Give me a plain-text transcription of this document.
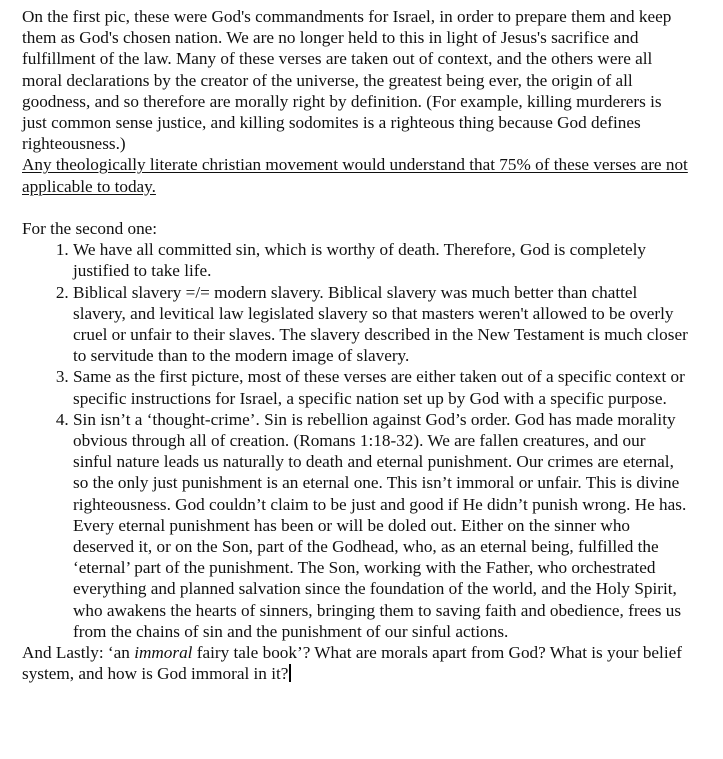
On the first pic, these were God's commandments for Israel, in order to prepare them and keep them as God's chosen nation. We are no longer held to this in light of Jesus's sacrifice and fulfillment of the law. Many of these verses are taken out of context, and the others were all moral declarations by the creator of the universe, the greatest being ever, the origin of all goodness, and so therefore are morally right by definition. (For example, killing murderers is just common sense justice, and killing sodomites is a righteous thing because God defines righteousness.)

Any theologically literate christian movement would understand that 75% of these verses are not applicable to today.

For the second one:

1. We have all committed sin, which is worthy of death. Therefore, God is completely justified to take life.
2. Biblical slavery =/= modern slavery. Biblical slavery was much better than chattel slavery, and levitical law legislated slavery so that masters weren't allowed to be overly cruel or unfair to their slaves. The slavery described in the New Testament is much closer to servitude than to the modern image of slavery.
3. Same as the first picture, most of these verses are either taken out of a specific context or specific instructions for Israel, a specific nation set up by God with a specific purpose.
4. Sin isn’t a ‘thought-crime’. Sin is rebellion against God’s order. God has made morality obvious through all of creation. (Romans 1:18-32). We are fallen creatures, and our sinful nature leads us naturally to death and eternal punishment. Our crimes are eternal, so the only just punishment is an eternal one. This isn’t immoral or unfair. This is divine righteousness. God couldn’t claim to be just and good if He didn’t punish wrong. He has. Every eternal punishment has been or will be doled out. Either on the sinner who deserved it, or on the Son, part of the Godhead, who, as an eternal being, fulfilled the ‘eternal’ part of the punishment. The Son, working with the Father, who orchestrated everything and planned salvation since the foundation of the world, and the Holy Spirit, who awakens the hearts of sinners, bringing them to saving faith and obedience, frees us from the chains of sin and the punishment of our sinful actions.

And Lastly: ‘an immoral fairy tale book’? What are morals apart from God? What is your belief system, and how is God immoral in it?
